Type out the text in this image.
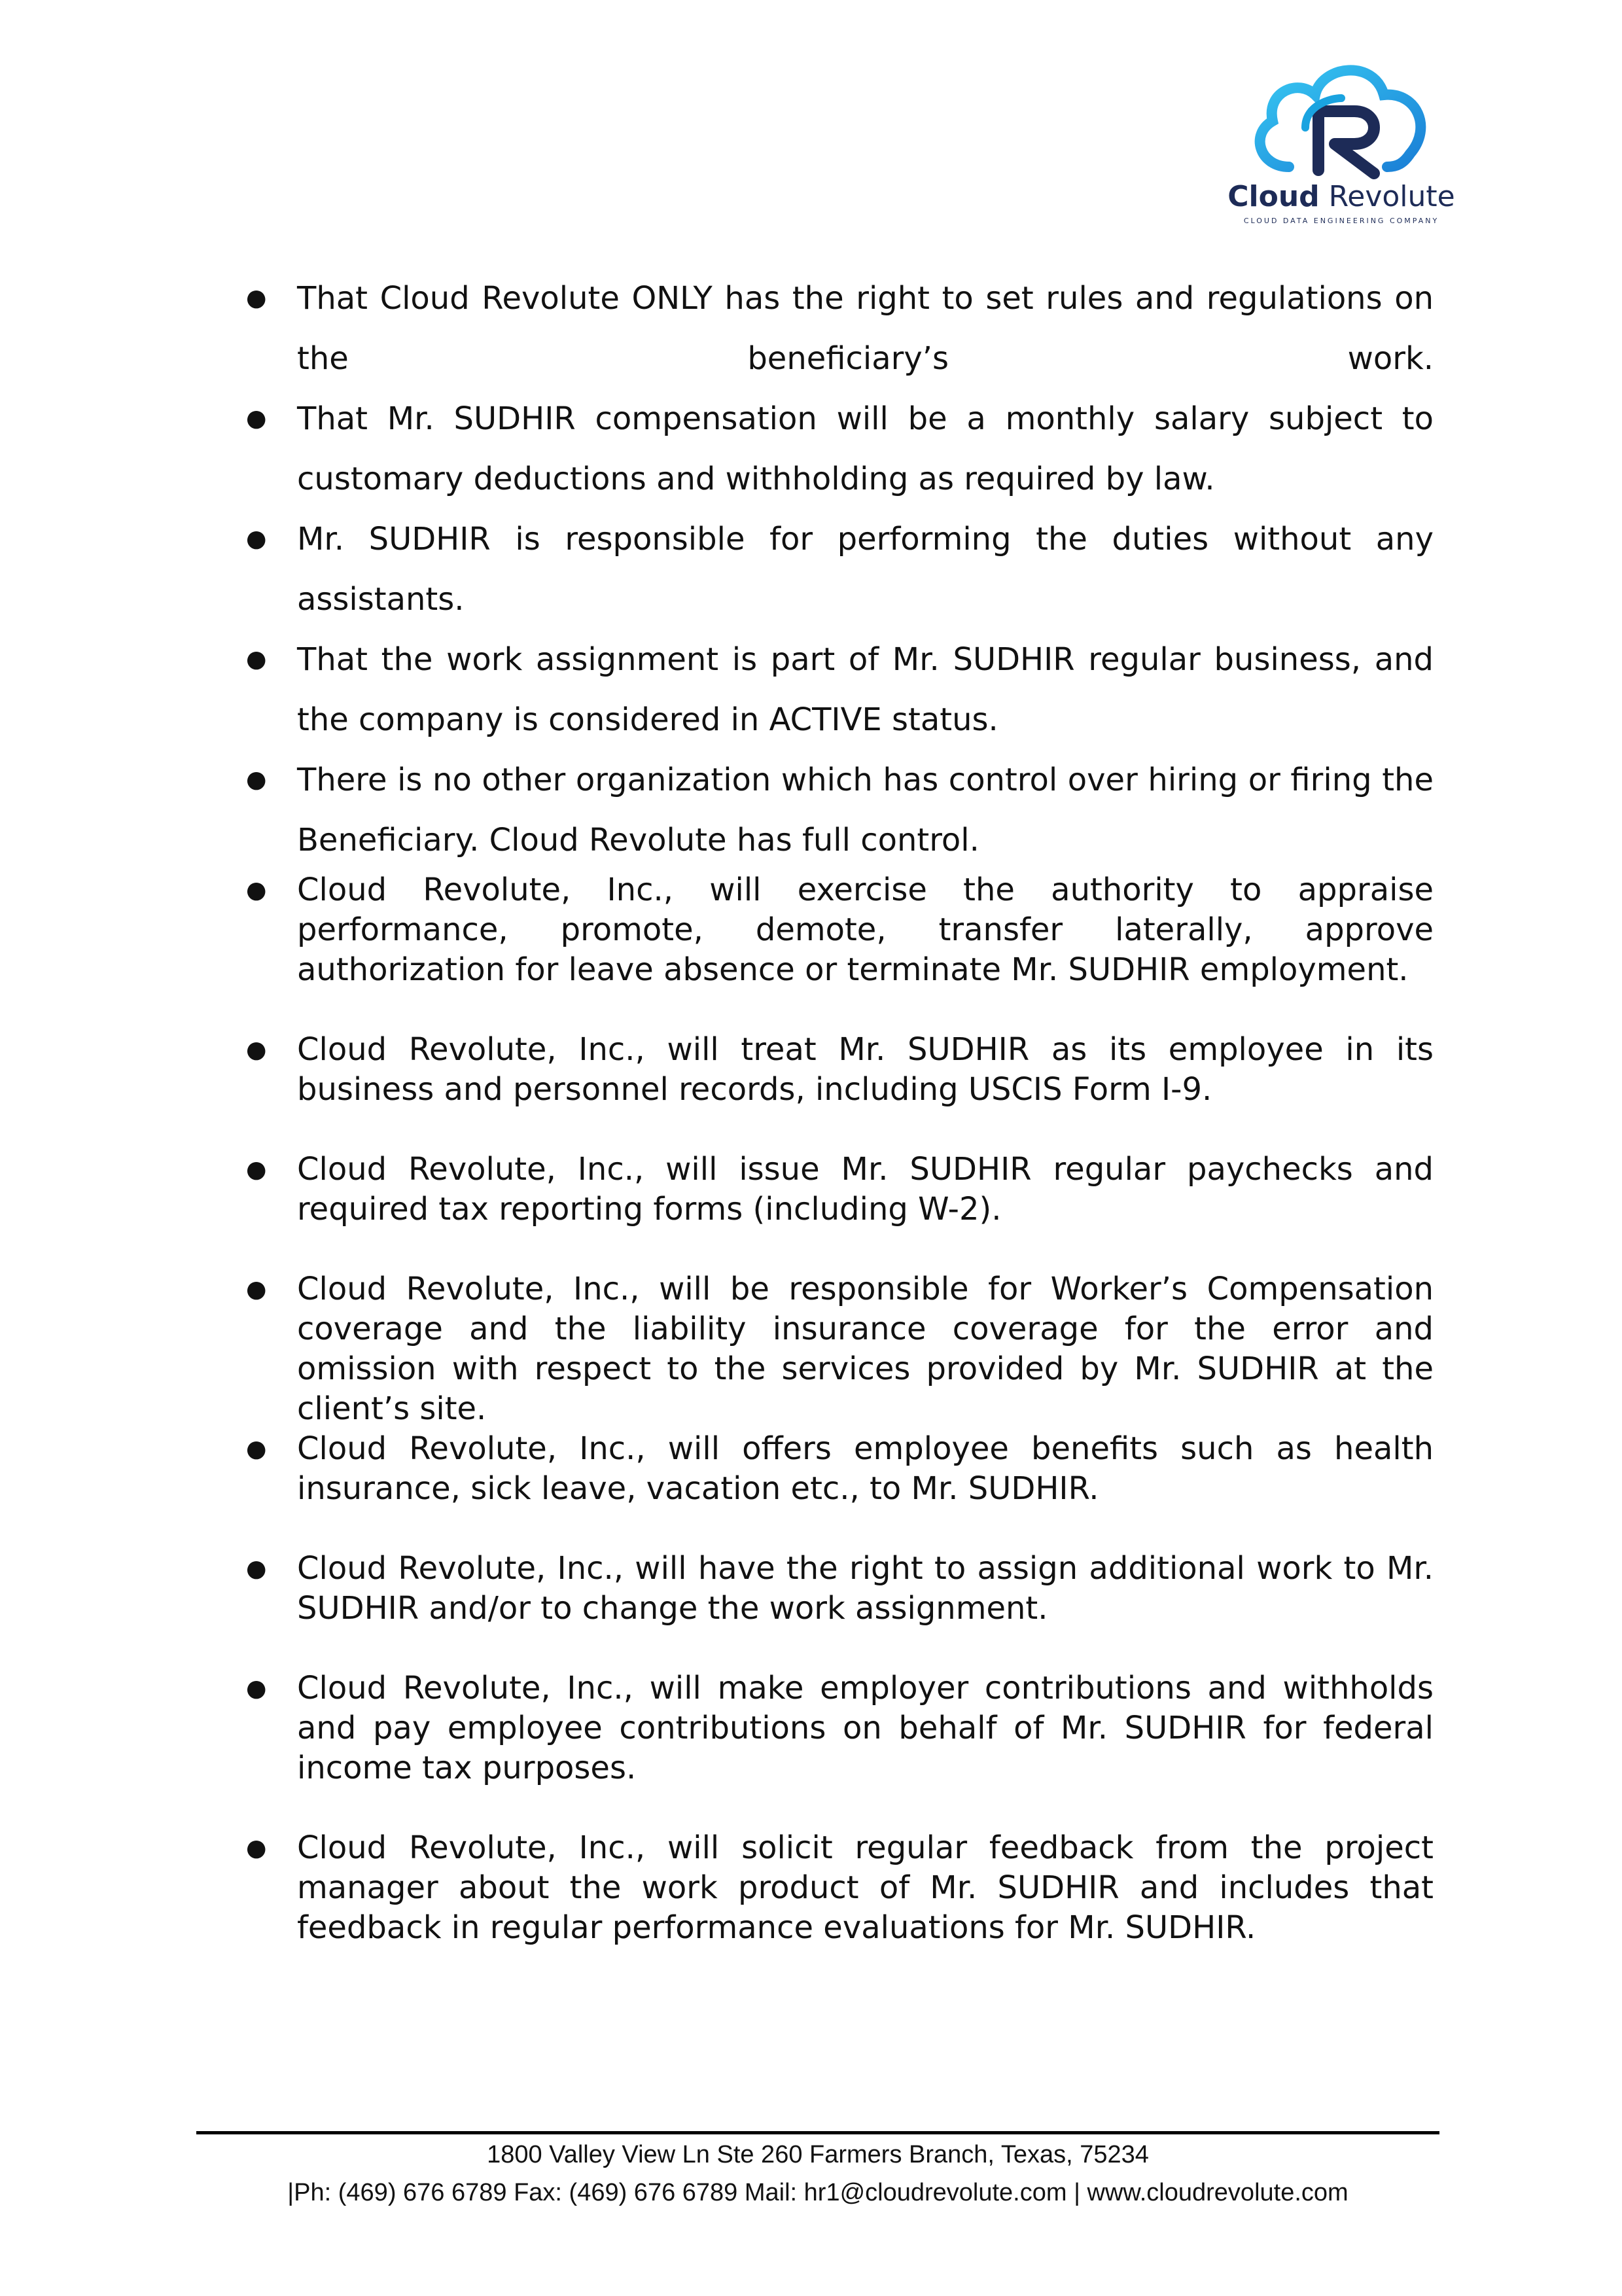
Cloud Revolute
CLOUD DATA ENGINEERING COMPANY

● That Cloud Revolute ONLY has the right to set rules and regulations on the beneficiary’s work.

● That Mr. SUDHIR compensation will be a monthly salary subject to customary deductions and withholding as required by law.

● Mr. SUDHIR is responsible for performing the duties without any assistants.

● That the work assignment is part of Mr. SUDHIR regular business, and the company is considered in ACTIVE status.

● There is no other organization which has control over hiring or firing the Beneficiary. Cloud Revolute has full control.

● Cloud Revolute, Inc., will exercise the authority to appraise performance, promote, demote, transfer laterally, approve authorization for leave absence or terminate Mr. SUDHIR employment.

● Cloud Revolute, Inc., will treat Mr. SUDHIR as its employee in its business and personnel records, including USCIS Form I-9.

● Cloud Revolute, Inc., will issue Mr. SUDHIR regular paychecks and required tax reporting forms (including W-2).

● Cloud Revolute, Inc., will be responsible for Worker’s Compensation coverage and the liability insurance coverage for the error and omission with respect to the services provided by Mr. SUDHIR at the client’s site.

● Cloud Revolute, Inc., will offers employee benefits such as health insurance, sick leave, vacation etc., to Mr. SUDHIR.

● Cloud Revolute, Inc., will have the right to assign additional work to Mr. SUDHIR and/or to change the work assignment.

● Cloud Revolute, Inc., will make employer contributions and withholds and pay employee contributions on behalf of Mr. SUDHIR for federal income tax purposes.

● Cloud Revolute, Inc., will solicit regular feedback from the project manager about the work product of Mr. SUDHIR and includes that feedback in regular performance evaluations for Mr. SUDHIR.

1800 Valley View Ln Ste 260 Farmers Branch, Texas, 75234
|Ph: (469) 676 6789 Fax: (469) 676 6789 Mail: hr1@cloudrevolute.com | www.cloudrevolute.com
